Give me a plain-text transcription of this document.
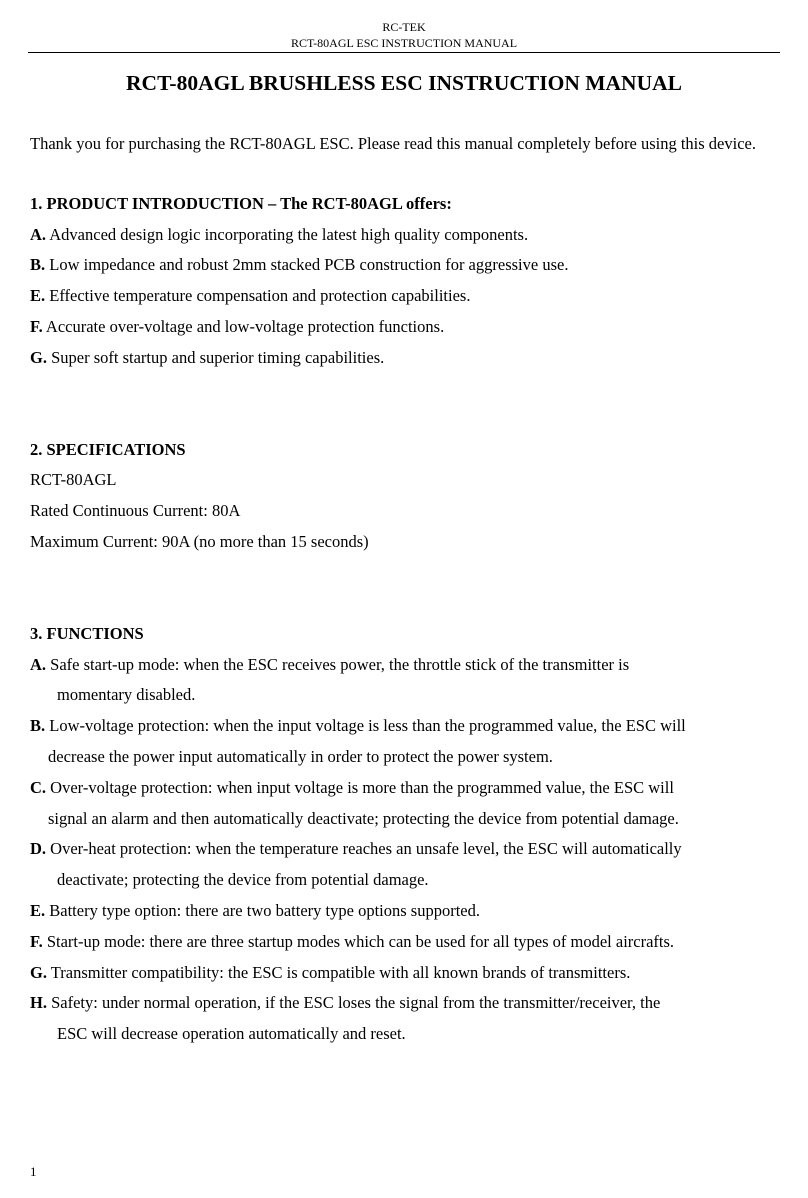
RC-TEK
RCT-80AGL ESC INSTRUCTION MANUAL
RCT-80AGL BRUSHLESS ESC INSTRUCTION MANUAL

Thank you for purchasing the RCT-80AGL ESC. Please read this manual completely before using this device.

1. PRODUCT INTRODUCTION – The RCT-80AGL offers:

A. Advanced design logic incorporating the latest high quality components.

B. Low impedance and robust 2mm stacked PCB construction for aggressive use.

E. Effective temperature compensation and protection capabilities.

F. Accurate over-voltage and low-voltage protection functions.

G. Super soft startup and superior timing capabilities.

2. SPECIFICATIONS

RCT-80AGL

Rated Continuous Current: 80A

Maximum Current: 90A (no more than 15 seconds)

3. FUNCTIONS

A. Safe start-up mode: when the ESC receives power, the throttle stick of the transmitter is

momentary disabled.

B. Low-voltage protection: when the input voltage is less than the programmed value, the ESC will

decrease the power input automatically in order to protect the power system.

C. Over-voltage protection: when input voltage is more than the programmed value, the ESC will

signal an alarm and then automatically deactivate; protecting the device from potential damage.

D. Over-heat protection: when the temperature reaches an unsafe level, the ESC will automatically

deactivate; protecting the device from potential damage.

E. Battery type option: there are two battery type options supported.

F. Start-up mode: there are three startup modes which can be used for all types of model aircrafts.

G. Transmitter compatibility: the ESC is compatible with all known brands of transmitters.

H. Safety: under normal operation, if the ESC loses the signal from the transmitter/receiver, the

ESC will decrease operation automatically and reset.

1
